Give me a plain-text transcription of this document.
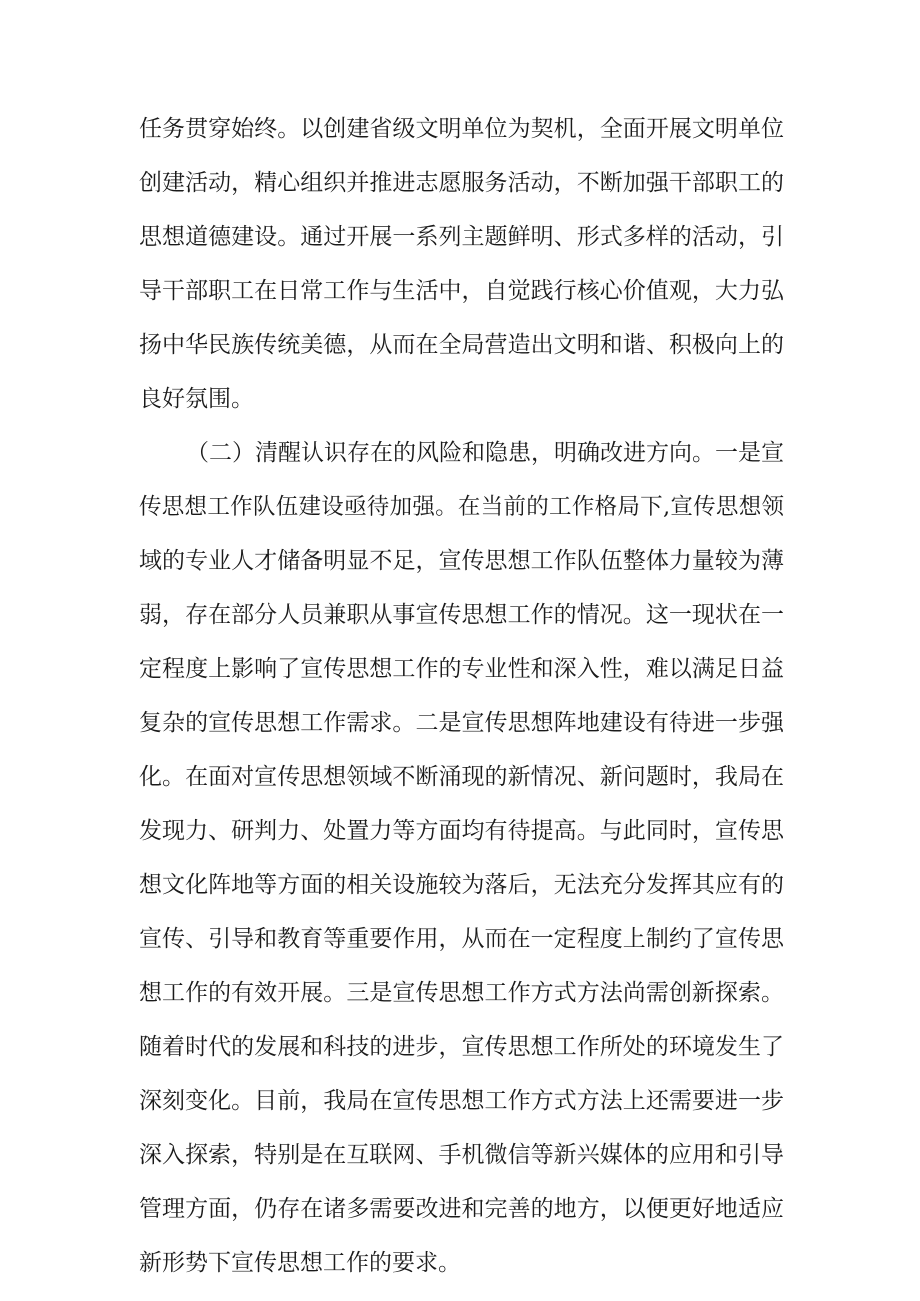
任务贯穿始终。以创建省级文明单位为契机，全面开展文明单位
创建活动，精心组织并推进志愿服务活动，不断加强干部职工的
思想道德建设。通过开展一系列主题鲜明、形式多样的活动，引
导干部职工在日常工作与生活中，自觉践行核心价值观，大力弘
扬中华民族传统美德，从而在全局营造出文明和谐、积极向上的
良好氛围。
（二）清醒认识存在的风险和隐患，明确改进方向。一是宣
传思想工作队伍建设亟待加强。在当前的工作格局下,宣传思想领
域的专业人才储备明显不足，宣传思想工作队伍整体力量较为薄
弱，存在部分人员兼职从事宣传思想工作的情况。这一现状在一
定程度上影响了宣传思想工作的专业性和深入性，难以满足日益
复杂的宣传思想工作需求。二是宣传思想阵地建设有待进一步强
化。在面对宣传思想领域不断涌现的新情况、新问题时，我局在
发现力、研判力、处置力等方面均有待提高。与此同时，宣传思
想文化阵地等方面的相关设施较为落后，无法充分发挥其应有的
宣传、引导和教育等重要作用，从而在一定程度上制约了宣传思
想工作的有效开展。三是宣传思想工作方式方法尚需创新探索。
随着时代的发展和科技的进步，宣传思想工作所处的环境发生了
深刻变化。目前，我局在宣传思想工作方式方法上还需要进一步
深入探索，特别是在互联网、手机微信等新兴媒体的应用和引导
管理方面，仍存在诸多需要改进和完善的地方，以便更好地适应
新形势下宣传思想工作的要求。
